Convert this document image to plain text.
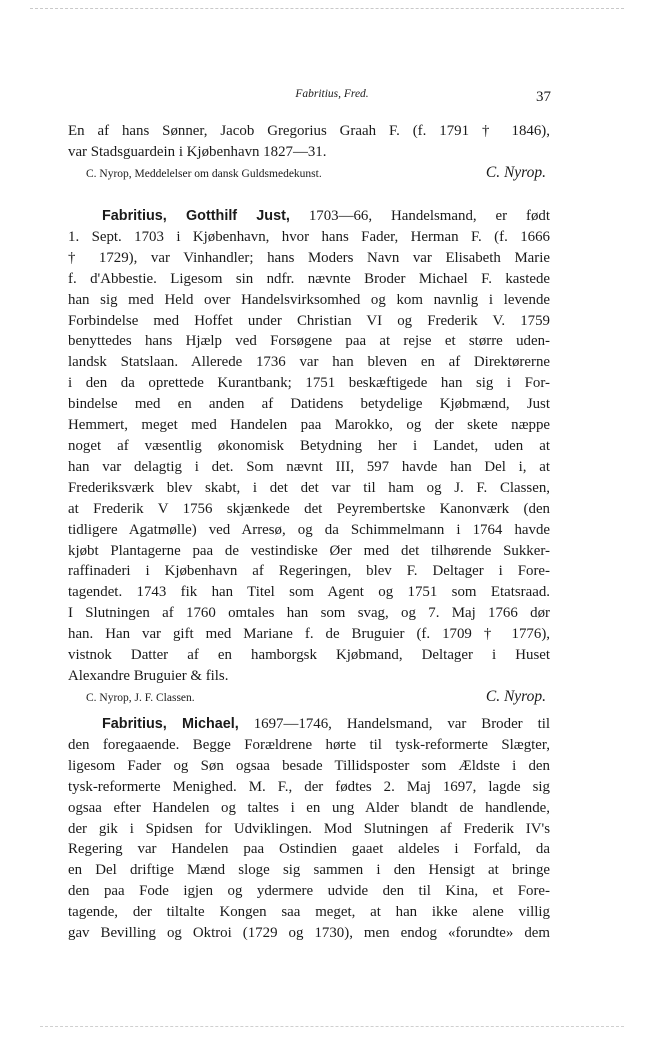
Fabritius, Fred.	37
En af hans Sønner, Jacob Gregorius Graah F. (f. 1791 † 1846),
var Stadsguardein i Kjøbenhavn 1827—31.
C. Nyrop, Meddelelser om dansk Guldsmedekunst.	C. Nyrop.
Fabritius, Gotthilf Just, 1703—66, Handelsmand, er født
1. Sept. 1703 i Kjøbenhavn, hvor hans Fader, Herman F. (f. 1666
† 1729), var Vinhandler; hans Moders Navn var Elisabeth Marie
f. d'Abbestie. Ligesom sin ndfr. nævnte Broder Michael F. kastede
han sig med Held over Handelsvirksomhed og kom navnlig i levende
Forbindelse med Hoffet under Christian VI og Frederik V. 1759
benyttedes hans Hjælp ved Forsøgene paa at rejse et større uden-
landsk Statslaan. Allerede 1736 var han bleven en af Direktørerne
i den da oprettede Kurantbank; 1751 beskæftigede han sig i For-
bindelse med en anden af Datidens betydelige Kjøbmænd, Just
Hemmert, meget med Handelen paa Marokko, og der skete næppe
noget af væsentlig økonomisk Betydning her i Landet, uden at
han var delagtig i det. Som nævnt III, 597 havde han Del i, at
Frederiksværk blev skabt, i det det var til ham og J. F. Classen,
at Frederik V 1756 skjænkede det Peyrembertske Kanonværk (den
tidligere Agatmølle) ved Arresø, og da Schimmelmann i 1764 havde
kjøbt Plantagerne paa de vestindiske Øer med det tilhørende Sukker-
raffinaderi i Kjøbenhavn af Regeringen, blev F. Deltager i Fore-
tagendet. 1743 fik han Titel som Agent og 1751 som Etatsraad.
I Slutningen af 1760 omtales han som svag, og 7. Maj 1766 dør
han. Han var gift med Mariane f. de Bruguier (f. 1709 † 1776),
vistnok Datter af en hamborgsk Kjøbmand, Deltager i Huset
Alexandre Bruguier & fils.
C. Nyrop, J. F. Classen.	C. Nyrop.
Fabritius, Michael, 1697—1746, Handelsmand, var Broder til
den foregaaende. Begge Forældrene hørte til tysk-reformerte Slægter,
ligesom Fader og Søn ogsaa besade Tillidsposter som Ældste i den
tysk-reformerte Menighed. M. F., der fødtes 2. Maj 1697, lagde sig
ogsaa efter Handelen og taltes i en ung Alder blandt de handlende,
der gik i Spidsen for Udviklingen. Mod Slutningen af Frederik IV's
Regering var Handelen paa Ostindien gaaet aldeles i Forfald, da
en Del driftige Mænd sloge sig sammen i den Hensigt at bringe
den paa Fode igjen og ydermere udvide den til Kina, et Fore-
tagende, der tiltalte Kongen saa meget, at han ikke alene villig
gav Bevilling og Oktroi (1729 og 1730), men endog «forundte» dem
